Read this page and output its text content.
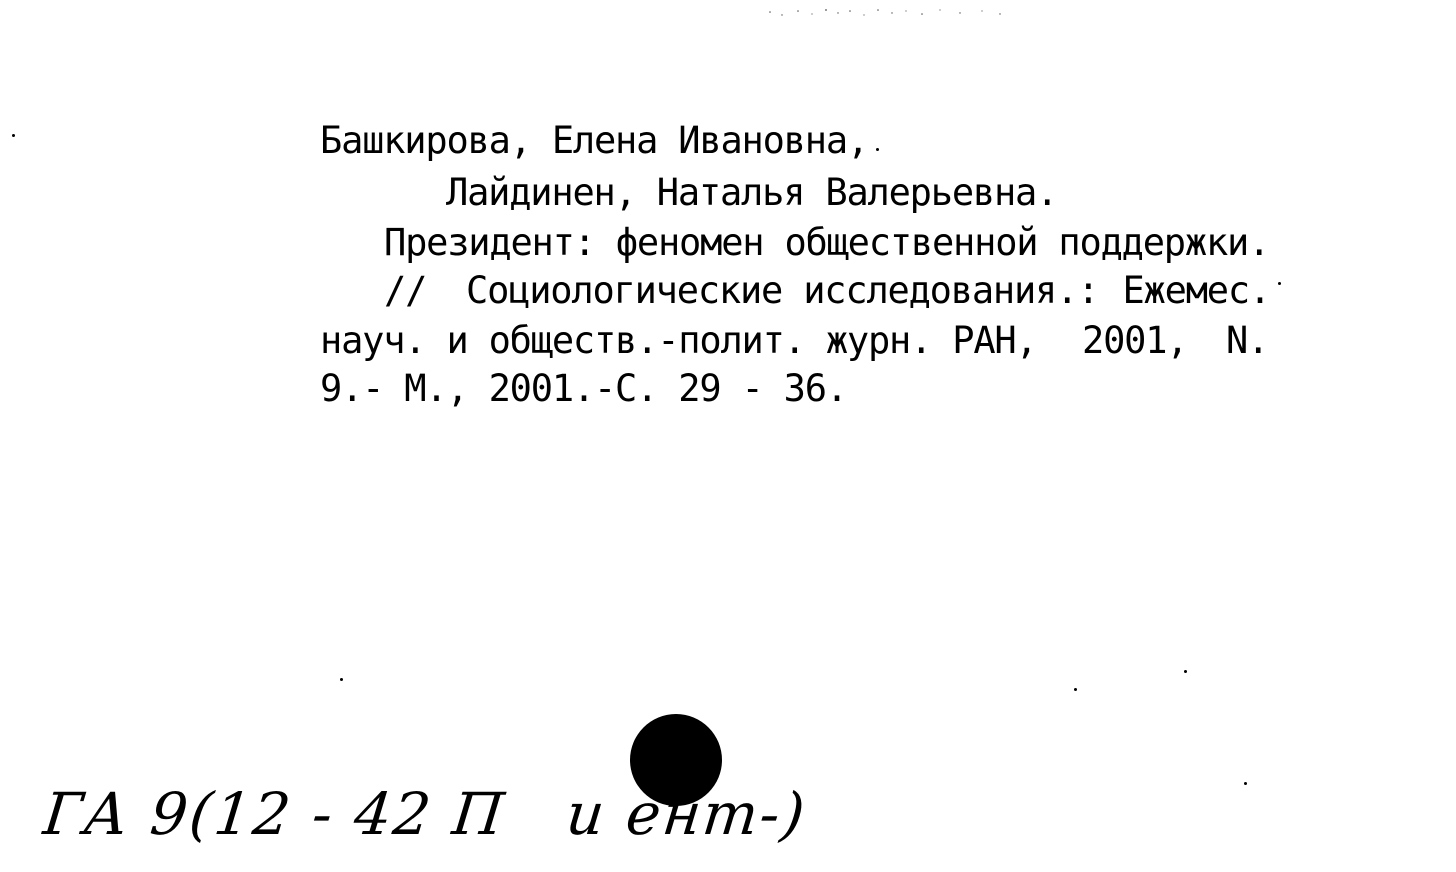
Башкирова, Елена Ивановна,
Лайдинен, Наталья Валерьевна.
Президент: феномен общественной поддержки.
// Социологические исследования.: Ежемес.
науч. и обществ.-полит. журн. РАН, 2001, N.
9.- М., 2001.-С. 29 - 36.
ГА 9(12 - 42 П   и ент-)
